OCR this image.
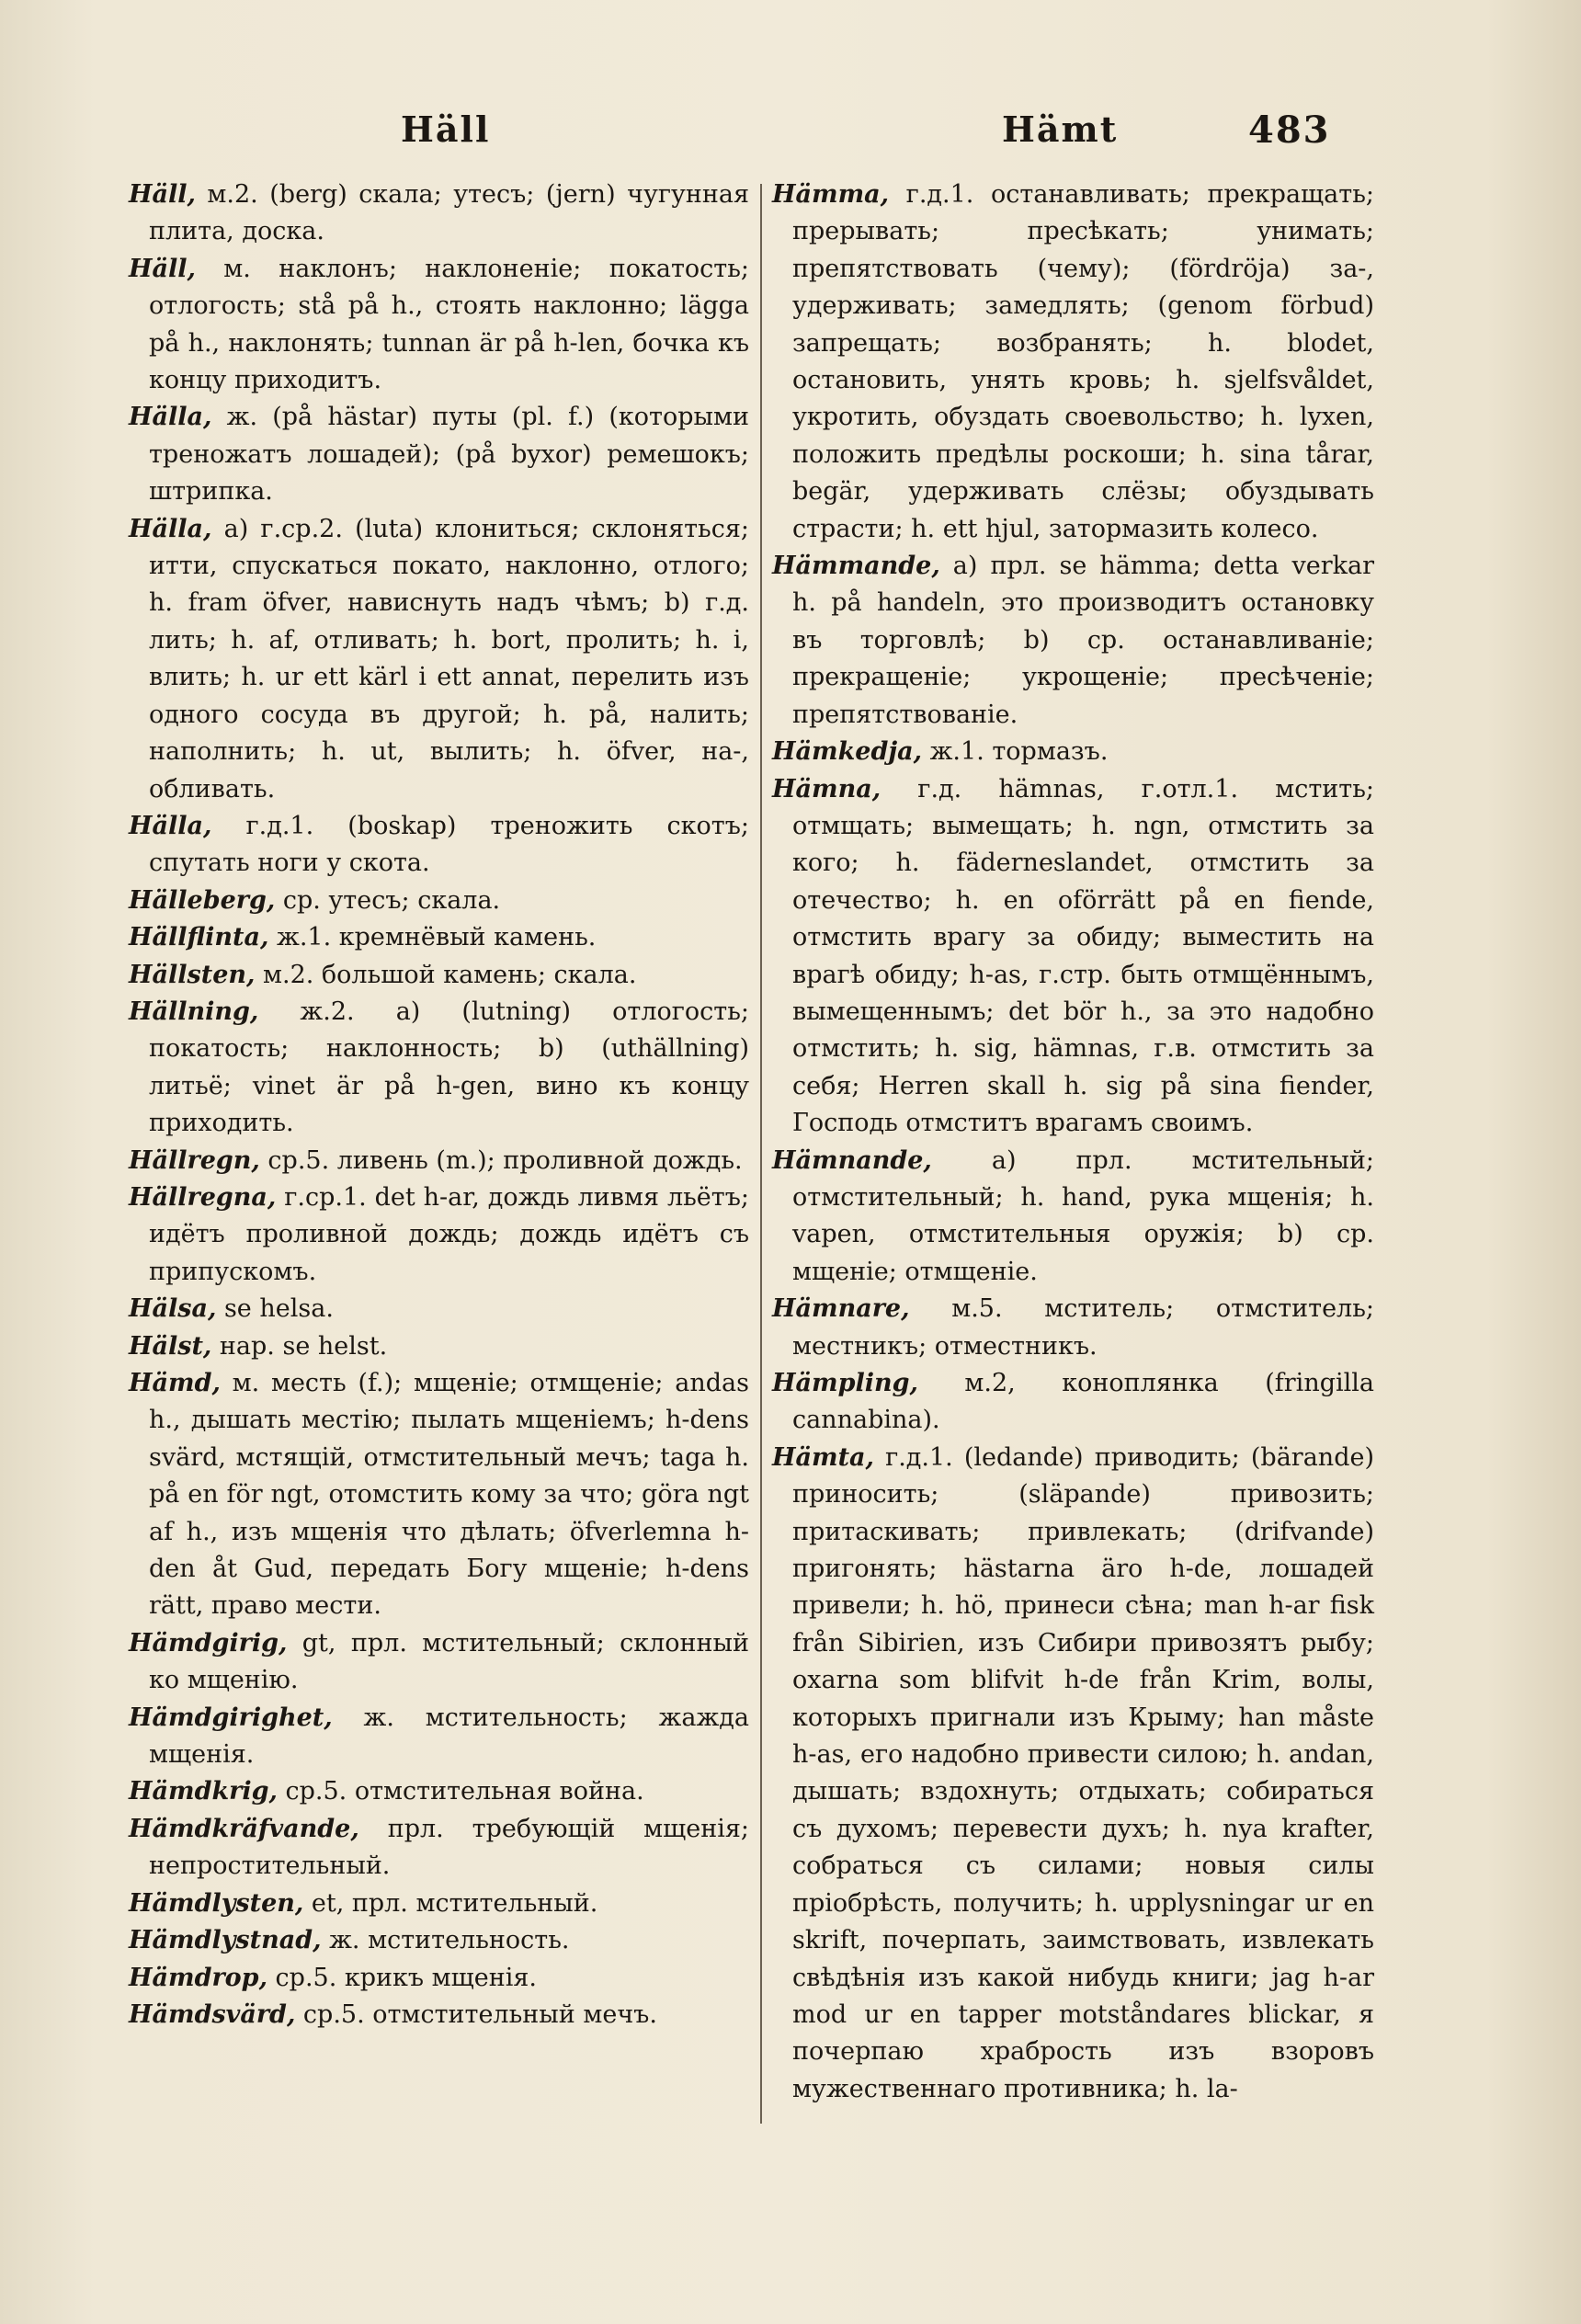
Häll	Hämt	483

Häll, м.2. (berg) скала; утесъ; (jern) чугунная плита, доска.

Häll, м. наклонъ; наклоненіе; покатость; отлогость; stå på h., стоять наклонно; lägga på h., наклонять; tunnan är på h-len, бочка къ концу приходитъ.

Hälla, ж. (på hästar) путы (pl. f.) (которыми треножатъ лошадей); (på byxor) ремешокъ; штрипка.

Hälla, a) г.ср.2. (luta) клониться; склоняться; итти, спускаться покато, наклонно, отлого; h. fram öfver, нависнуть надъ чѣмъ; b) г.д. лить; h. af, отливать; h. bort, пролить; h. i, влить; h. ur ett kärl i ett annat, перелить изъ одного сосуда въ другой; h. på, налить; наполнить; h. ut, вылить; h. öfver, на-, обливать.

Hälla, г.д.1. (boskap) треножить скотъ; спутать ноги у скота.

Hälleberg, ср. утесъ; скала.

Hällflinta, ж.1. кремнёвый камень.

Hällsten, м.2. большой камень; скала.

Hällning, ж.2. a) (lutning) отлогость; покатость; наклонность; b) (uthällning) литьё; vinet är på h-gen, вино къ концу приходить.

Hällregn, ср.5. ливень (m.); проливной дождь.

Hällregna, г.ср.1. det h-ar, дождь ливмя льётъ; идётъ проливной дождь; дождь идётъ съ припускомъ.

Hälsa, se helsa.

Hälst, нар. se helst.

Hämd, м. месть (f.); мщеніе; отмщеніе; andas h., дышать местію; пылать мщеніемъ; h-dens svärd, мстящій, отмстительный мечъ; taga h. på en för ngt, отомстить кому за что; göra ngt af h., изъ мщенія что дѣлать; öfverlemna h-den åt Gud, передать Богу мщеніе; h-dens rätt, право мести.

Hämdgirig, gt, прл. мстительный; склонный ко мщенію.

Hämdgirighet, ж. мстительность; жажда мщенія.

Hämdkrig, ср.5. отмстительная война.

Hämdkräfvande, прл. требующій мщенія; непростительный.

Hämdlysten, et, прл. мстительный.

Hämdlystnad, ж. мстительность.

Hämdrop, ср.5. крикъ мщенія.

Hämdsvärd, ср.5. отмстительный мечъ.

Hämma, г.д.1. останавливать; прекращать; прерывать; пресѣкать; унимать; препятствовать (чему); (fördröja) за-, удерживать; замедлять; (genom förbud) запрещать; возбранять; h. blodet, остановить, унять кровь; h. sjelfsvåldet, укротить, обуздать своевольство; h. lyxen, положить предѣлы роскоши; h. sina tårar, begär, удерживать слёзы; обуздывать страсти; h. ett hjul, затормазить колесо.

Hämmande, a) прл. se hämma; detta verkar h. på handeln, это производитъ остановку въ торговлѣ; b) ср. останавливаніе; прекращеніе; укрощеніе; пресѣченіе; препятствованіе.

Hämkedja, ж.1. тормазъ.

Hämna, г.д. hämnas, г.отл.1. мстить; отмщать; вымещать; h. ngn, отмстить за кого; h. fäderneslandet, отмстить за отечество; h. en oförrätt på en fiende, отмстить врагу за обиду; выместить на врагѣ обиду; h-as, г.стр. быть отмщённымъ, вымещеннымъ; det bör h., за это надобно отмстить; h. sig, hämnas, г.в. отмстить за себя; Herren skall h. sig på sina fiender, Господь отмститъ врагамъ своимъ.

Hämnande, a) прл. мстительный; отмстительный; h. hand, рука мщенія; h. vapen, отмстительныя оружія; b) ср. мщеніе; отмщеніе.

Hämnare, м.5. мститель; отмститель; местникъ; отместникъ.

Hämpling, м.2, коноплянка (fringilla cannabina).

Hämta, г.д.1. (ledande) приводить; (bärande) приносить; (släpande) привозить; притаскивать; привлекать; (drifvande) пригонять; hästarna äro h-de, лошадей привели; h. hö, принеси сѣна; man h-ar fisk från Sibirien, изъ Сибири привозятъ рыбу; oxarna som blifvit h-de från Krim, волы, которыхъ пригнали изъ Крыму; han måste h-as, его надобно привести силою; h. andan, дышать; вздохнуть; отдыхать; собираться съ духомъ; перевести духъ; h. nya krafter, собраться съ силами; новыя силы пріобрѣсть, получить; h. upplysningar ur en skrift, почерпать, заимствовать, извлекать свѣдѣнія изъ какой нибудь книги; jag h-ar mod ur en tapper motståndares blickar, я почерпаю храбрость изъ взоровъ мужественнаго противника; h. la-
